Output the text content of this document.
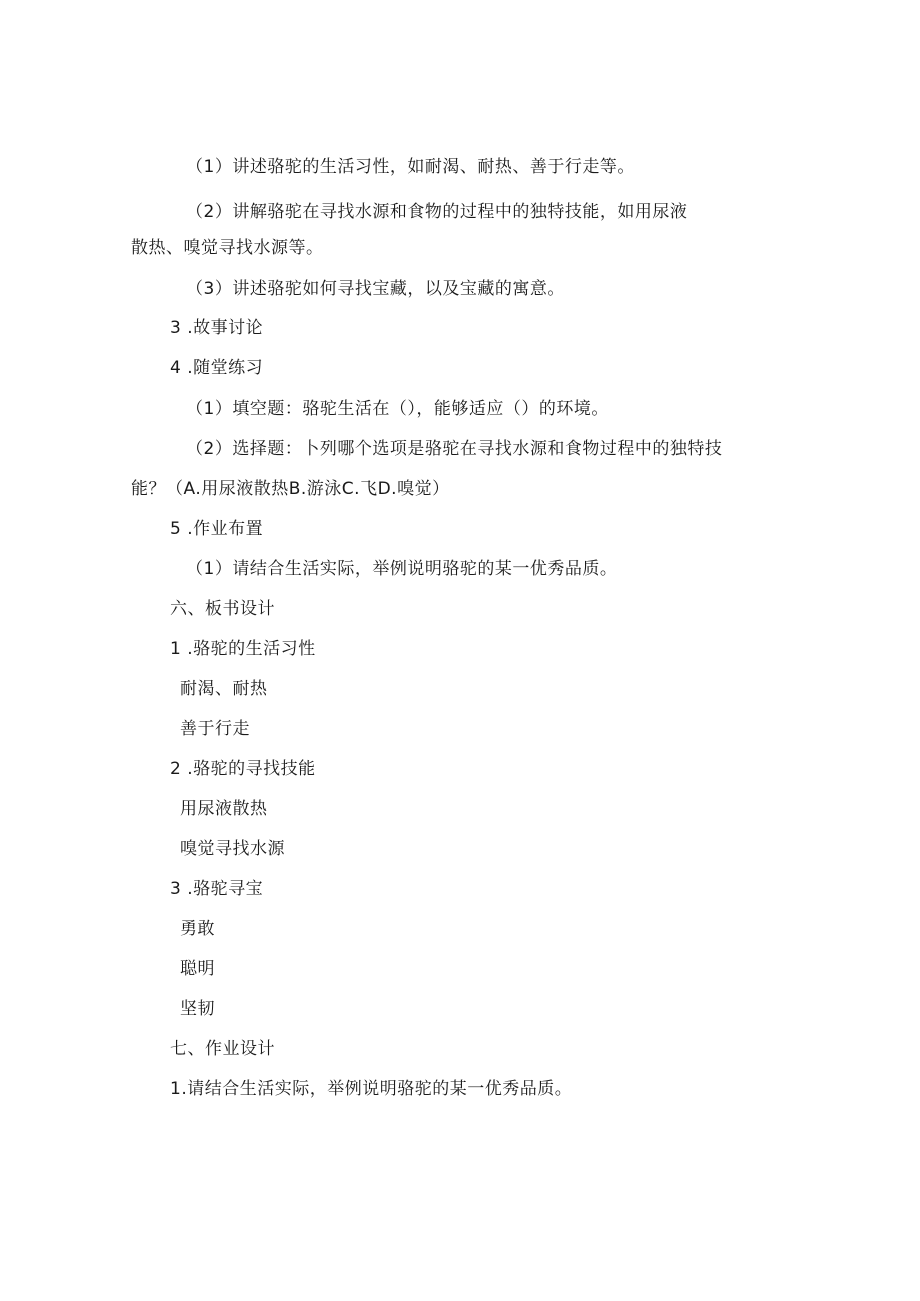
（1）讲述骆驼的生活习性，如耐渴、耐热、善于行走等。
（2）讲解骆驼在寻找水源和食物的过程中的独特技能，如用尿液
散热、嗅觉寻找水源等。
（3）讲述骆驼如何寻找宝藏，以及宝藏的寓意。
3 .故事讨论
4 .随堂练习
（1）填空题：骆驼生活在（），能够适应（）的环境。
（2）选择题：卜列哪个选项是骆驼在寻找水源和食物过程中的独特技
能？（A.用尿液散热B.游泳C.飞D.嗅觉）
5 .作业布置
（1）请结合生活实际，举例说明骆驼的某一优秀品质。
六、板书设计
1 .骆驼的生活习性
耐渴、耐热
善于行走
2 .骆驼的寻找技能
用尿液散热
嗅觉寻找水源
3 .骆驼寻宝
勇敢
聪明
坚韧
七、作业设计
1.请结合生活实际，举例说明骆驼的某一优秀品质。
